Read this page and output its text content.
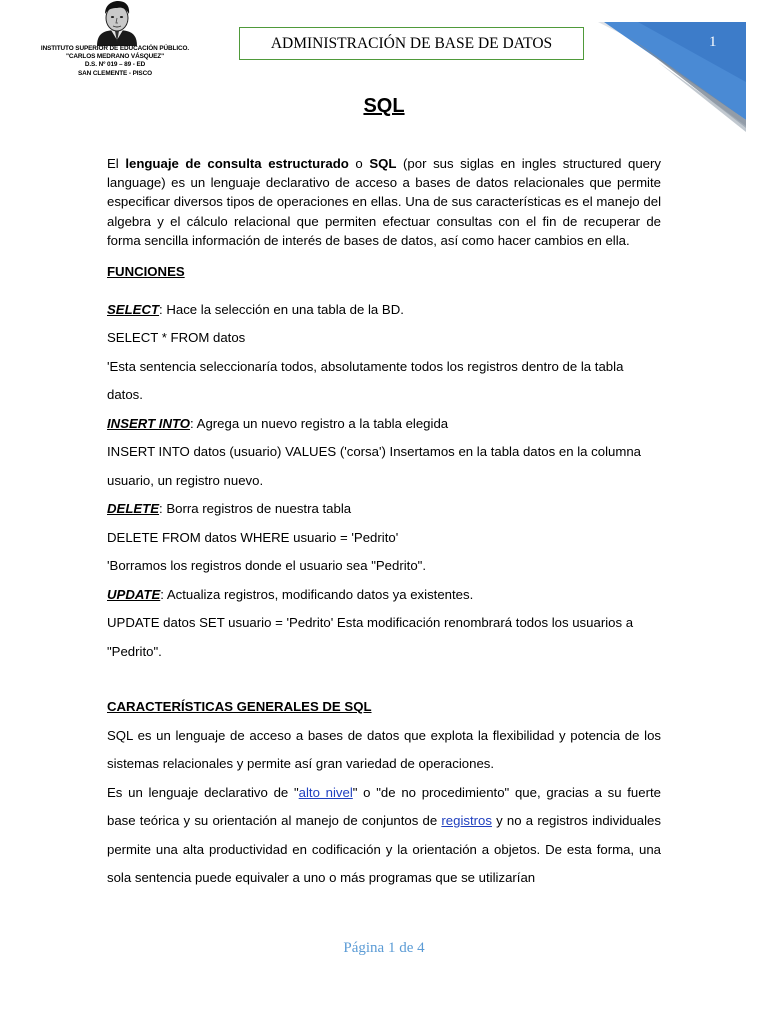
INSTITUTO SUPERIOR DE EDUCACIÓN PÚBLICO.
"CARLOS MEDRANO VÁSQUEZ"
D.S. Nº 019 – 89 - ED
SAN CLEMENTE - PISCO
ADMINISTRACIÓN DE BASE DE DATOS	1
SQL

El lenguaje de consulta estructurado o SQL (por sus siglas en ingles structured query language) es un lenguaje declarativo de acceso a bases de datos relacionales que permite especificar diversos tipos de operaciones en ellas. Una de sus características es el manejo del algebra y el cálculo relacional que permiten efectuar consultas con el fin de recuperar de forma sencilla información de interés de bases de datos, así como hacer cambios en ella.

FUNCIONES
SELECT: Hace la selección en una tabla de la BD.
SELECT * FROM datos
'Esta sentencia seleccionaría todos, absolutamente todos los registros dentro de la tabla
datos.
INSERT INTO: Agrega un nuevo registro a la tabla elegida
INSERT INTO datos (usuario) VALUES ('corsa') Insertamos en la tabla datos en la columna
usuario, un registro nuevo.
DELETE: Borra registros de nuestra tabla
DELETE FROM datos WHERE usuario = 'Pedrito'
'Borramos los registros donde el usuario sea "Pedrito".
UPDATE: Actualiza registros, modificando datos ya existentes.
UPDATE datos SET usuario = 'Pedrito' Esta modificación renombrará todos los usuarios a
"Pedrito".
CARACTERÍSTICAS GENERALES DE SQL

SQL es un lenguaje de acceso a bases de datos que explota la flexibilidad y potencia de los sistemas relacionales y permite así gran variedad de operaciones.

Es un lenguaje declarativo de "alto nivel" o "de no procedimiento" que, gracias a su fuerte base teórica y su orientación al manejo de conjuntos de registros y no a registros individuales permite una alta productividad en codificación y la orientación a objetos. De esta forma, una sola sentencia puede equivaler a uno o más programas que se utilizarían

Página 1 de 4
